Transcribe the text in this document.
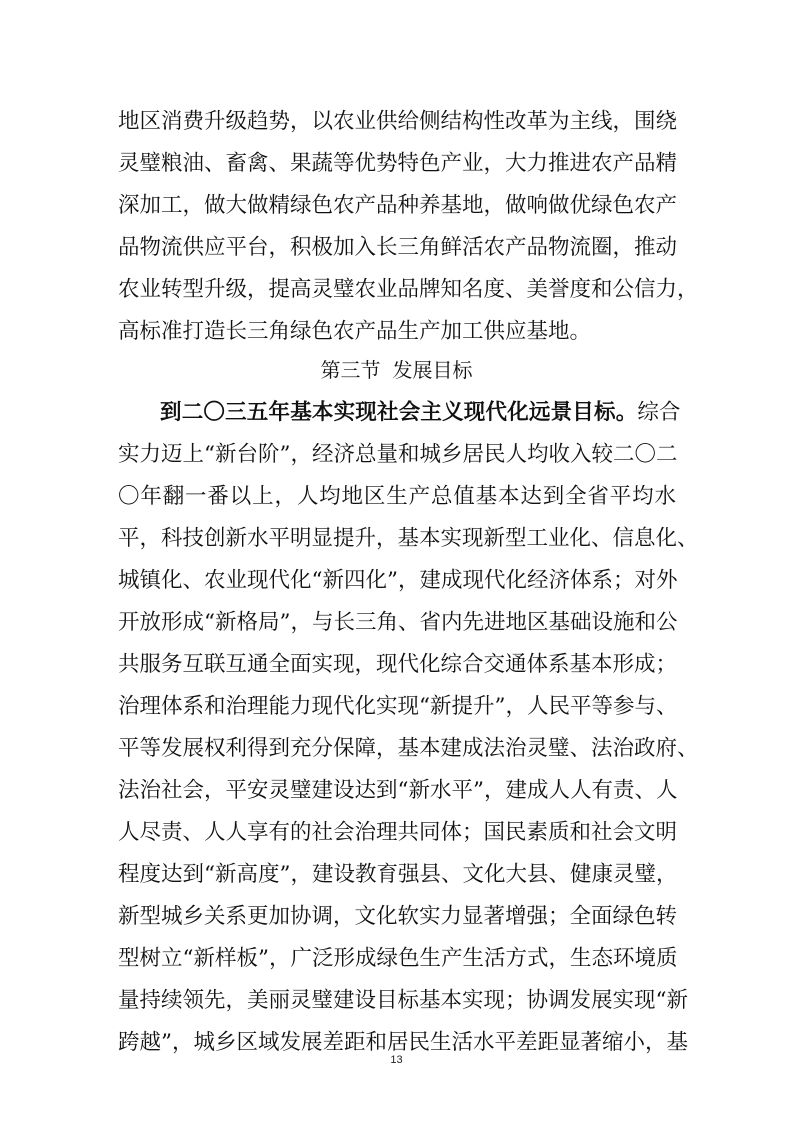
地区消费升级趋势，以农业供给侧结构性改革为主线，围绕
灵璧粮油、畜禽、果蔬等优势特色产业，大力推进农产品精
深加工，做大做精绿色农产品种养基地，做响做优绿色农产
品物流供应平台，积极加入长三角鲜活农产品物流圈，推动
农业转型升级，提高灵璧农业品牌知名度、美誉度和公信力，
高标准打造长三角绿色农产品生产加工供应基地。
第三节 发展目标
到二〇三五年基本实现社会主义现代化远景目标。综合
实力迈上“新台阶”，经济总量和城乡居民人均收入较二〇二
〇年翻一番以上，人均地区生产总值基本达到全省平均水
平，科技创新水平明显提升，基本实现新型工业化、信息化、
城镇化、农业现代化“新四化”，建成现代化经济体系；对外
开放形成“新格局”，与长三角、省内先进地区基础设施和公
共服务互联互通全面实现，现代化综合交通体系基本形成；
治理体系和治理能力现代化实现“新提升”，人民平等参与、
平等发展权利得到充分保障，基本建成法治灵璧、法治政府、
法治社会，平安灵璧建设达到“新水平”，建成人人有责、人
人尽责、人人享有的社会治理共同体；国民素质和社会文明
程度达到“新高度”，建设教育强县、文化大县、健康灵璧，
新型城乡关系更加协调，文化软实力显著增强；全面绿色转
型树立“新样板”，广泛形成绿色生产生活方式，生态环境质
量持续领先，美丽灵璧建设目标基本实现；协调发展实现“新
跨越”，城乡区域发展差距和居民生活水平差距显著缩小，基
13
